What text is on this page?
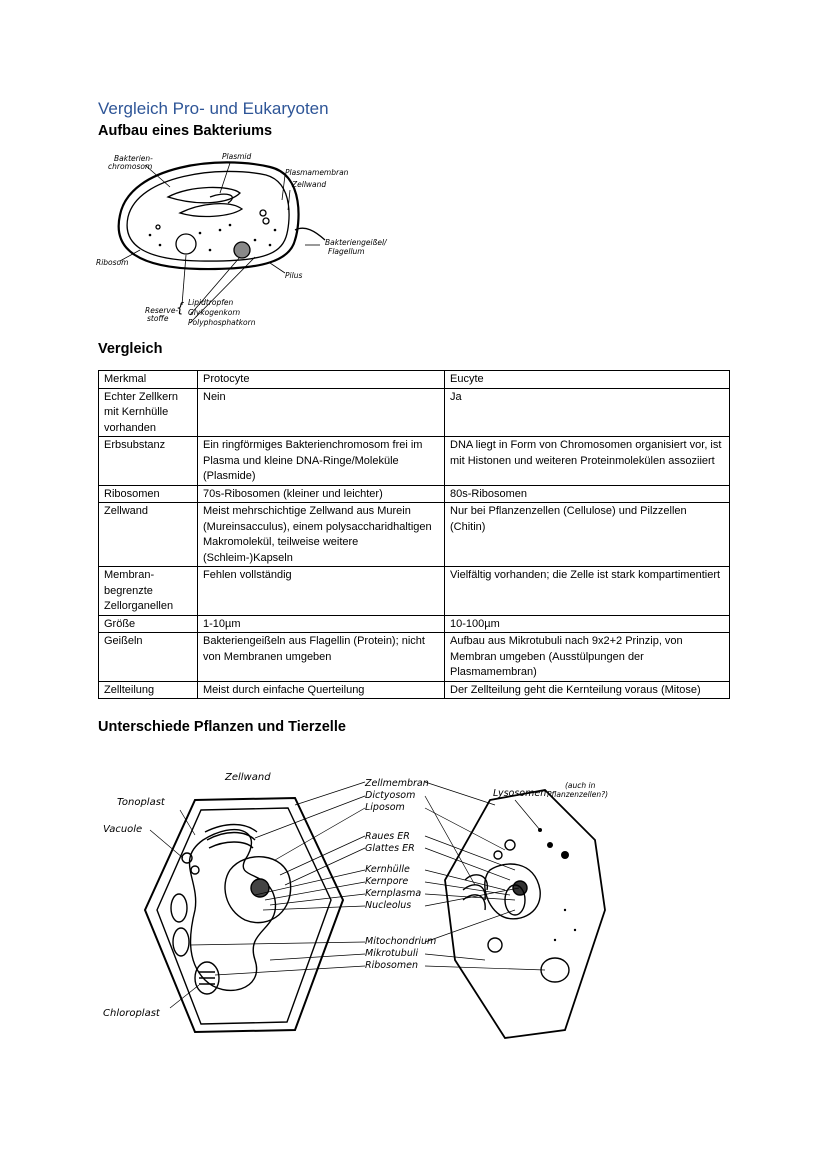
Vergleich Pro- und Eukaryoten
Aufbau eines Bakteriums
Bakterien-chromosom
Plasmid
Plasmamembran
Zellwand
Bakteriengeißel/ Flagellum
Pilus
Ribosom
Reserve-stoffe
{ Lipidtropfen
Glykogenkorn
Polyphosphatkorn
Vergleich
Merkmal	Protocyte	Eucyte
Echter Zellkern mit Kernhülle vorhanden	Nein	Ja
Erbsubstanz	Ein ringförmiges Bakterienchromosom frei im Plasma und kleine DNA-Ringe/Moleküle (Plasmide)	DNA liegt in Form von Chromosomen organisiert vor, ist mit Histonen und weiteren Proteinmolekülen assoziiert
Ribosomen	70s-Ribosomen (kleiner und leichter)	80s-Ribosomen
Zellwand	Meist mehrschichtige Zellwand aus Murein (Mureinsacculus), einem polysaccharidhaltigen Makromolekül, teilweise weitere (Schleim-)Kapseln	Nur bei Pflanzenzellen (Cellulose) und Pilzzellen (Chitin)
Membran-begrenzte Zellorganellen	Fehlen vollständig	Vielfältig vorhanden; die Zelle ist stark kompartimentiert
Größe	1-10µm	10-100µm
Geißeln	Bakteriengeißeln aus Flagellin (Protein); nicht von Membranen umgeben	Aufbau aus Mikrotubuli nach 9x2+2 Prinzip, von Membran umgeben (Ausstülpungen der Plasmamembran)
Zellteilung	Meist durch einfache Querteilung	Der Zellteilung geht die Kernteilung voraus (Mitose)
Unterschiede Pflanzen und Tierzelle
Zellwand
Tonoplast
Vacuole
Chloroplast
Zellmembran
Dictyosom
Liposom
Raues ER
Glattes ER
Kernhülle
Kernpore
Kernplasma
Nucleolus
Mitochondrium
Mikrotubuli
Ribosomen
Lysosomen
(auch in Pflanzenzellen?)
